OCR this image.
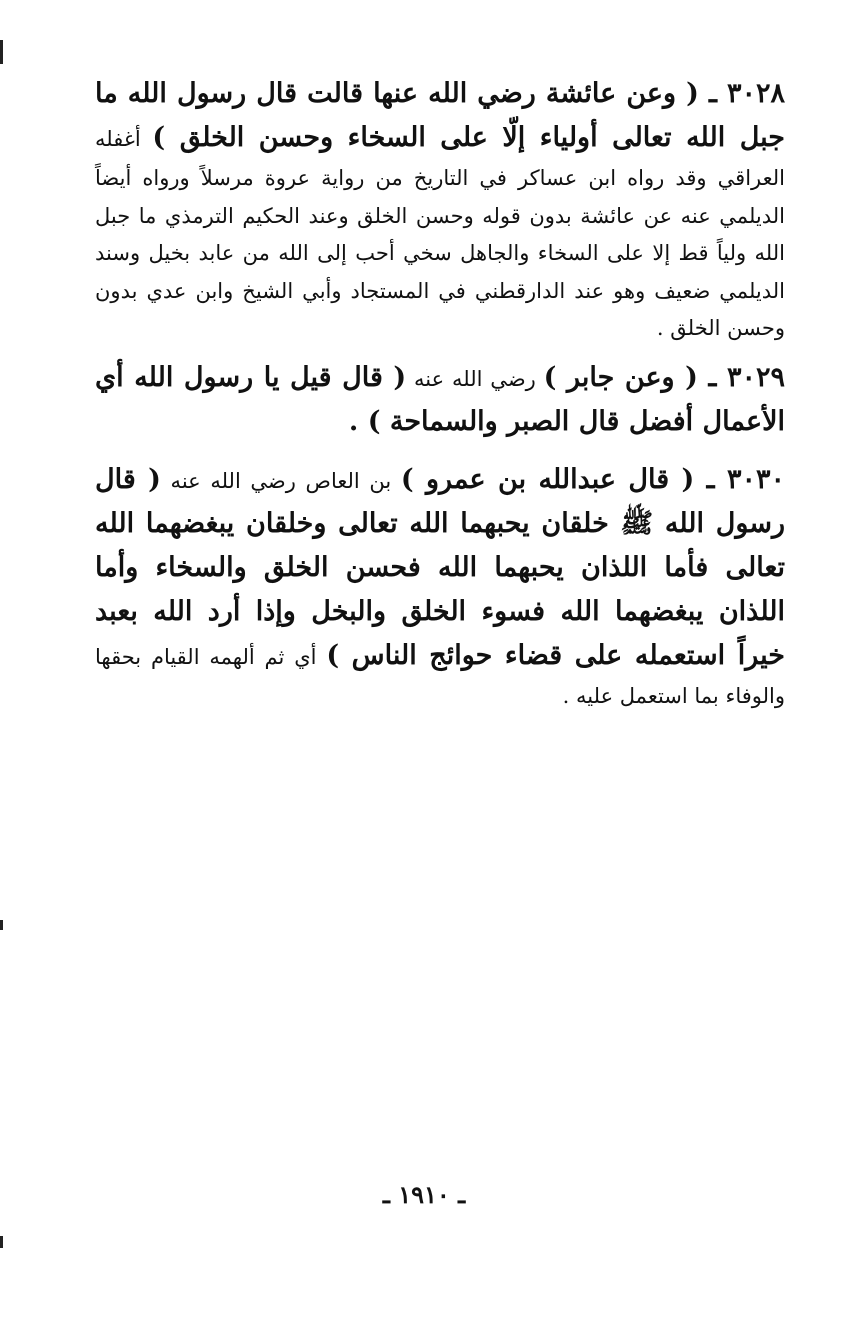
٣٠٢٨ ـ ( وعن عائشة رضي الله عنها قالت قال رسول الله ما جبل الله تعالى أولياء إلّا على السخاء وحسن الخلق ) أغفله العراقي وقد رواه ابن عساكر في التاريخ من رواية عروة مرسلاً ورواه أيضاً الديلمي عنه عن عائشة بدون قوله وحسن الخلق وعند الحكيم الترمذي ما جبل الله ولياً قط إلا على السخاء والجاهل سخي أحب إلى الله من عابد بخيل وسند الديلمي ضعيف وهو عند الدارقطني في المستجاد وأبي الشيخ وابن عدي بدون وحسن الخلق .

٣٠٢٩ ـ ( وعن جابر ) رضي الله عنه ( قال قيل يا رسول الله أي الأعمال أفضل قال الصبر والسماحة ) .

٣٠٣٠ ـ ( قال عبدالله بن عمرو ) بن العاص رضي الله عنه ( قال رسول الله ﷺ خلقان يحبهما الله تعالى وخلقان يبغضهما الله تعالى فأما اللذان يحبهما الله فحسن الخلق والسخاء وأما اللذان يبغضهما الله فسوء الخلق والبخل وإذا أرد الله بعبد خيراً استعمله على قضاء حوائج الناس ) أي ثم ألهمه القيام بحقها والوفاء بما استعمل عليه .

ـ ١٩١٠ ـ
